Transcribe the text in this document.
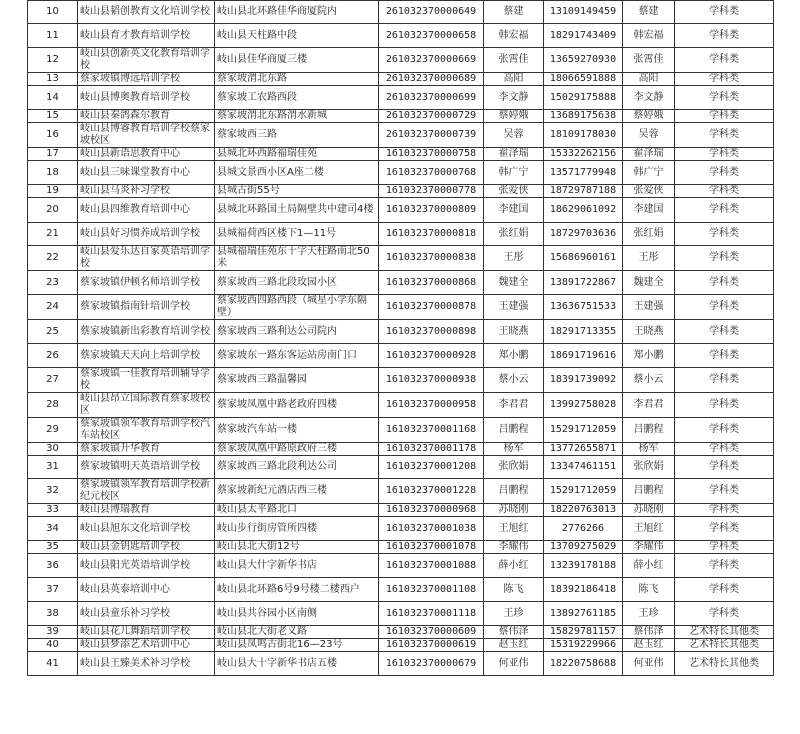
10	岐山县韬创教育文化培训学校	岐山县北环路佳华商厦院内	261032370000649	蔡建	13109149459	蔡建	学科类
11	岐山县育才教育培训学校	岐山县天柱路中段	261032370000658	韩宏福	18291743409	韩宏福	学科类
12	岐山县创新英文化教育培训学校	岐山县佳华商厦三楼	261032370000669	张霄佳	13659270930	张霄佳	学科类
13	蔡家坡镇博远培训学校	蔡家坡渭北东路	261032370000689	高阳	18066591888	高阳	学科类
14	岐山县博奥教育培训学校	蔡家坡工农路西段	261032370000699	李文静	15029175888	李文静	学科类
15	岐山县秦鸽森尔教育	蔡家坡渭北东路渭水新城	261032370000729	蔡婷娥	13689175638	蔡婷娥	学科类
16	岐山县博睿教育培训学校蔡家坡校区	蔡家坡西三路	261032370000739	吴蓉	18109178030	吴蓉	学科类
17	岐山县新语思教育中心	县城北环西路福瑞佳苑	161032370000758	翟泽瑞	15332262156	翟泽瑞	学科类
18	岐山县三味课堂教育中心	县城文景西小区A座二楼	161032370000768	韩广宁	13571779948	韩广宁	学科类
19	岐山县马炎补习学校	县城古街55号	161032370000778	张爱侠	18729787188	张爱侠	学科类
20	岐山县四维教育培训中心	县城北环路国土局隔壁共中建司4楼	161032370000809	李建国	18629061092	李建国	学科类
21	岐山县好习惯养成培训学校	县城福荷西区楼下1—11号	161032370000818	张红娟	18729703636	张红娟	学科类
22	岐山县爱乐达自家英语培训学校	县城福瑞佳苑东十字天柱路南北50米	161032370000838	王彤	15686960161	王彤	学科类
23	蔡家坡镇伊顿名师培训学校	蔡家坡西三路北段玫园小区	161032370000868	魏建全	13891722867	魏建全	学科类
24	蔡家坡镇指南针培训学校	蔡家坡西四路西段（城星小学东隔壁）	161032370000878	王建强	13636751533	王建强	学科类
25	蔡家坡镇新出彩教育培训学校	蔡家坡西三路利达公司院内	161032370000898	王晓燕	18291713355	王晓燕	学科类
26	蔡家坡镇天天向上培训学校	蔡家坡东一路东客运站房南门口	161032370000928	郑小鹏	18691719616	郑小鹏	学科类
27	蔡家坡镇一佳教育培训辅导学校	蔡家坡西三路温馨园	161032370000938	蔡小云	18391739092	蔡小云	学科类
28	岐山县昂立国际教育蔡家坡校区	蔡家坡凤凰中路老政府四楼	161032370000958	李君君	13992758028	李君君	学科类
29	蔡家坡镇领军教育培训学校汽车站校区	蔡家坡汽车站一楼	161032370001168	吕鹏程	15291712059	吕鹏程	学科类
30	蔡家坡镇升华教育	蔡家坡凤凰中路原政府三楼	161032370001178	杨军	13772655871	杨军	学科类
31	蔡家坡镇明天英语培训学校	蔡家坡西三路北段利达公司	161032370001208	张欣娟	13347461151	张欣娟	学科类
32	蔡家坡镇领军教育培训学校新纪元校区	蔡家坡新纪元酒店西三楼	161032370001228	吕鹏程	15291712059	吕鹏程	学科类
33	岐山县博瑞教育	岐山县太平路北口	161032370000968	苏晓刚	18220763013	苏晓刚	学科类
34	岐山县旭东文化培训学校	岐山步行街房管所四楼	161032370001038	王旭红	2776266	王旭红	学科类
35	岐山县金钥匙培训学校	岐山县北大街12号	161032370001078	李耀伟	13709275029	李耀伟	学科类
36	岐山县阳光英语培训学校	岐山县大什字新华书店	161032370001088	薛小红	13239178188	薛小红	学科类
37	岐山县英泰培训中心	岐山县北环路6号9号楼二楼西户	161032370001108	陈飞	18392186418	陈飞	学科类
38	岐山县童乐补习学校	岐山县共谷园小区南侧	161032370001118	王珍	13892761185	王珍	学科类
39	岐山县花儿舞蹈培训学校	岐山县北大街老义路	161032370000609	蔡伟泽	15829781157	蔡伟泽	艺术特长其他类
40	岐山县梦添艺术培训中心	岐山县凤鸣古街北16—23号	161032370000619	赵玉红	15319229966	赵玉红	艺术特长其他类
41	岐山县王臻美术补习学校	岐山县大十字新华书店五楼	161032370000679	何亚伟	18220758688	何亚伟	艺术特长其他类
